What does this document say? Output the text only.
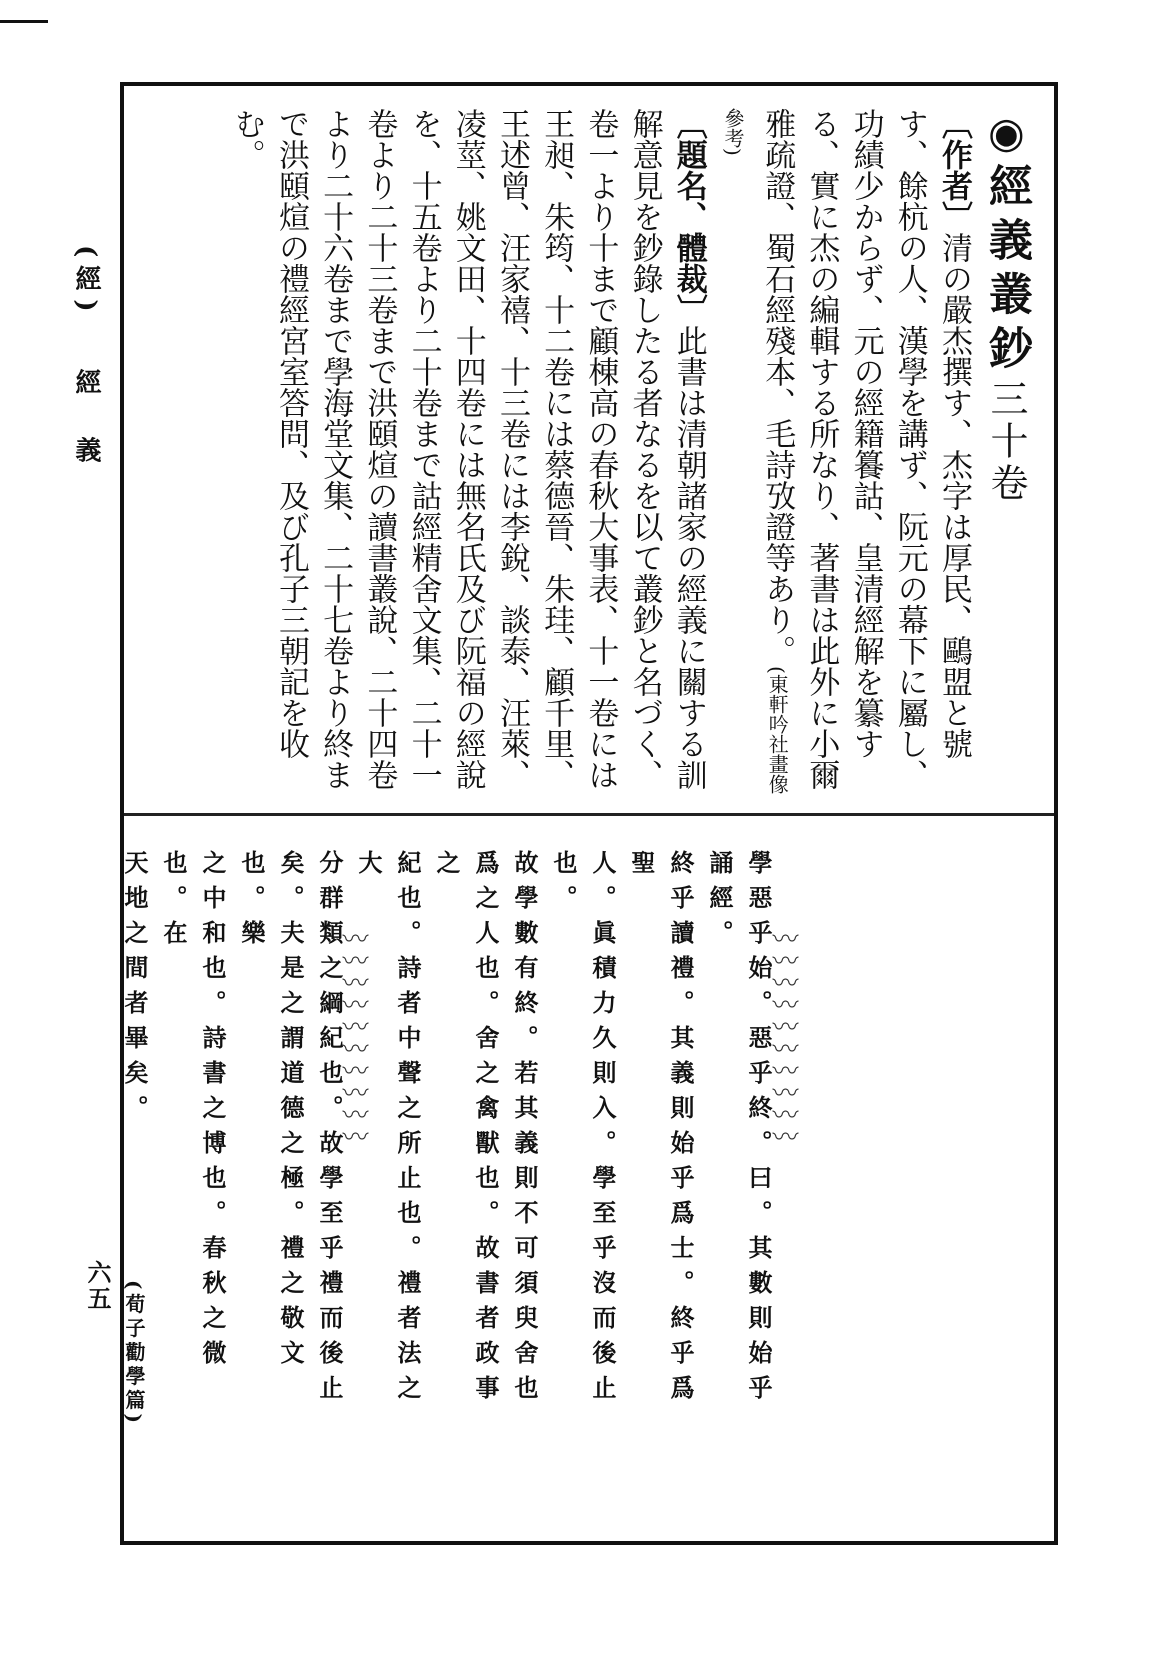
(經) 經　義
六五

◉經義叢鈔三十卷

〔作者〕清の嚴杰撰す、杰字は厚民、鷗盟と號す、餘杭の人、漢學を講ず、阮元の幕下に屬し、功績少からず、元の經籍籑詁、皇清經解を纂する、實に杰の編輯する所なり、著書は此外に小爾雅疏證、蜀石經殘本、毛詩攷證等あり。(東軒吟社畫像參考)

〔題名、體裁〕此書は清朝諸家の經義に關する訓解意見を鈔錄したる者なるを以て叢鈔と名づく、卷一より十まで顧棟高の春秋大事表、十一卷には王昶、朱筠、十二卷には蔡德晉、朱珪、顧千里、王述曾、汪家禧、十三卷には李銳、談泰、汪萊、凌莖、姚文田、十四卷には無名氏及び阮福の經說を、十五卷より二十卷まで詁經精舍文集、二十一卷より二十三卷まで洪頤煊の讀書叢說、二十四卷より二十六卷まで學海堂文集、二十七卷より終まで洪頤煊の禮經宮室答問、及び孔子三朝記を收む。

〰〰〰〰〰〰〰〰〰〰
〰〰〰〰〰〰〰〰〰〰	學惡乎始。惡乎終。曰。其數則始乎誦經。

終乎讀禮。其義則始乎爲士。終乎爲聖

人。眞積力久則入。學至乎沒而後止也。

故學數有終。若其義則不可須臾舍也

爲之人也。舍之禽獸也。故書者政事之

紀也。詩者中聲之所止也。禮者法之大

分群類之綱紀也。故學至乎禮而後止

矣。夫是之謂道德之極。禮之敬文也。樂

之中和也。詩書之博也。春秋之微也。在

天地之間者畢矣。(荀子勸學篇)
